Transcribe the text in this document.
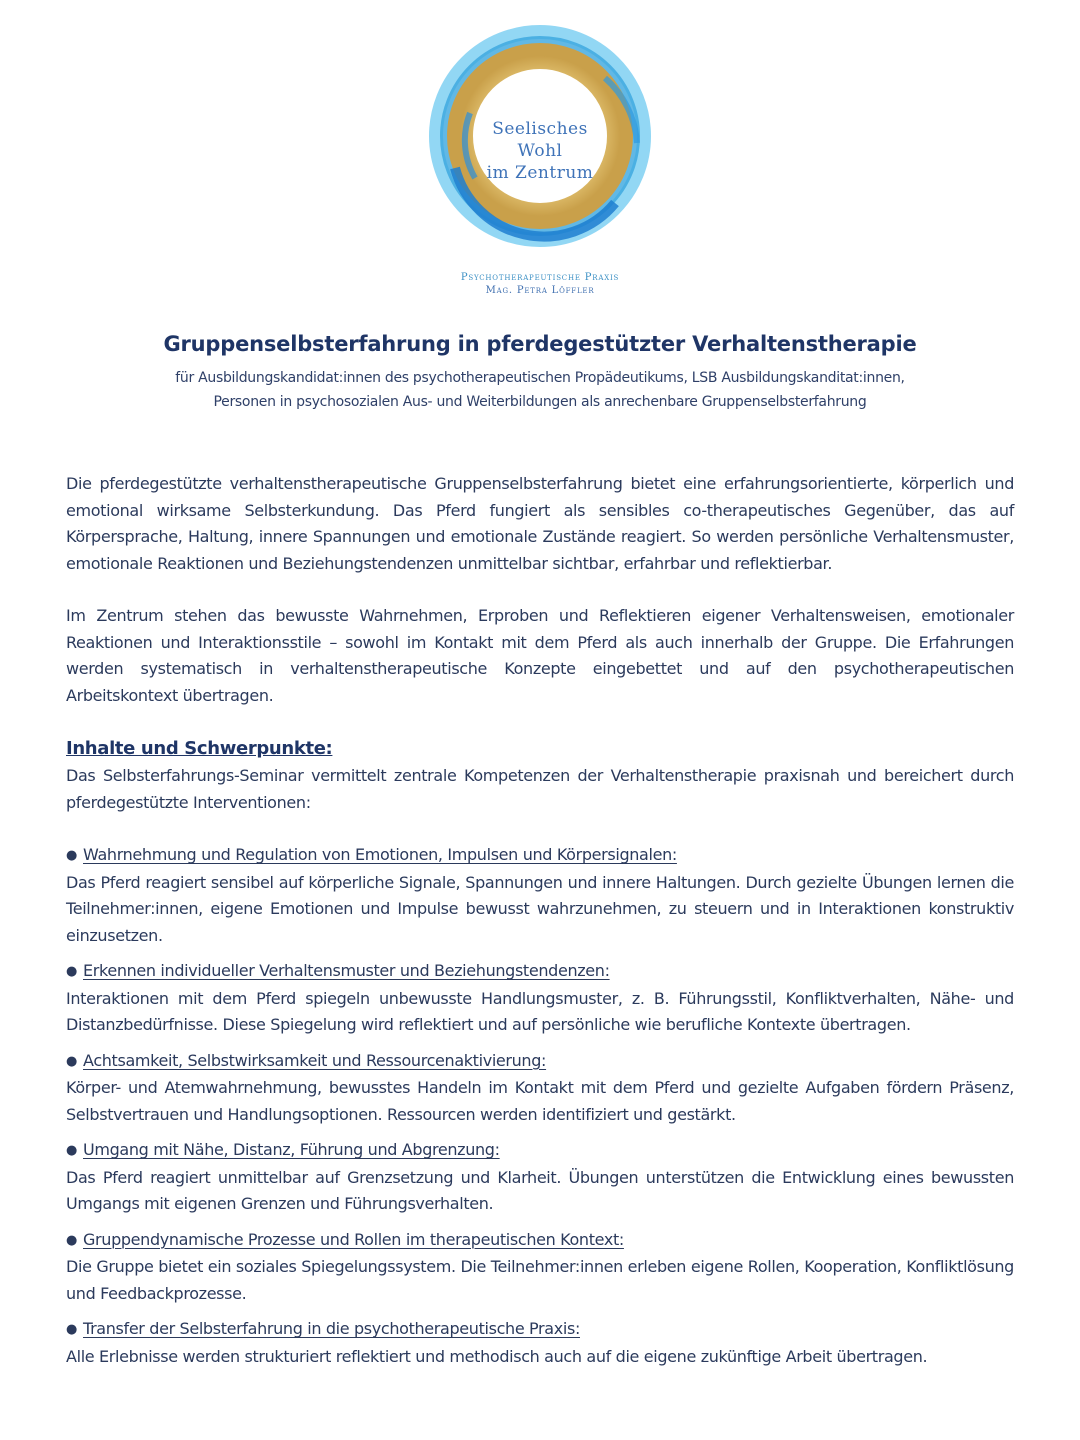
Seelisches
Wohl
im Zentrum
Psychotherapeutische Praxis
Mag. Petra Löffler
Gruppenselbsterfahrung in pferdegestützter Verhaltenstherapie
für Ausbildungskandidat:innen des psychotherapeutischen Propädeutikums, LSB Ausbildungskanditat:innen,
Personen in psychosozialen Aus- und Weiterbildungen als anrechenbare Gruppenselbsterfahrung

Die pferdegestützte verhaltenstherapeutische Gruppenselbsterfahrung bietet eine erfahrungsorientierte, körperlich und emotional wirksame Selbsterkundung. Das Pferd fungiert als sensibles co-therapeutisches Gegenüber, das auf Körpersprache, Haltung, innere Spannungen und emotionale Zustände reagiert. So werden persönliche Verhaltensmuster, emotionale Reaktionen und Beziehungstendenzen unmittelbar sichtbar, erfahrbar und reflektierbar.

Im Zentrum stehen das bewusste Wahrnehmen, Erproben und Reflektieren eigener Verhaltensweisen, emotionaler Reaktionen und Interaktionsstile – sowohl im Kontakt mit dem Pferd als auch innerhalb der Gruppe. Die Erfahrungen werden systematisch in verhaltenstherapeutische Konzepte eingebettet und auf den psychotherapeutischen Arbeitskontext übertragen.

Inhalte und Schwerpunkte:

Das Selbsterfahrungs-Seminar vermittelt zentrale Kompetenzen der Verhaltenstherapie praxisnah und bereichert durch pferdegestützte Interventionen:

● Wahrnehmung und Regulation von Emotionen, Impulsen und Körpersignalen:

Das Pferd reagiert sensibel auf körperliche Signale, Spannungen und innere Haltungen. Durch gezielte Übungen lernen die Teilnehmer:innen, eigene Emotionen und Impulse bewusst wahrzunehmen, zu steuern und in Interaktionen konstruktiv einzusetzen.

● Erkennen individueller Verhaltensmuster und Beziehungstendenzen:

Interaktionen mit dem Pferd spiegeln unbewusste Handlungsmuster, z. B. Führungsstil, Konfliktverhalten, Nähe- und Distanzbedürfnisse. Diese Spiegelung wird reflektiert und auf persönliche wie berufliche Kontexte übertragen.

● Achtsamkeit, Selbstwirksamkeit und Ressourcenaktivierung:

Körper- und Atemwahrnehmung, bewusstes Handeln im Kontakt mit dem Pferd und gezielte Aufgaben fördern Präsenz, Selbstvertrauen und Handlungsoptionen. Ressourcen werden identifiziert und gestärkt.

● Umgang mit Nähe, Distanz, Führung und Abgrenzung:

Das Pferd reagiert unmittelbar auf Grenzsetzung und Klarheit. Übungen unterstützen die Entwicklung eines bewussten Umgangs mit eigenen Grenzen und Führungsverhalten.

● Gruppendynamische Prozesse und Rollen im therapeutischen Kontext:

Die Gruppe bietet ein soziales Spiegelungssystem. Die Teilnehmer:innen erleben eigene Rollen, Kooperation, Konfliktlösung und Feedbackprozesse.

● Transfer der Selbsterfahrung in die psychotherapeutische Praxis:

Alle Erlebnisse werden strukturiert reflektiert und methodisch auch auf die eigene zukünftige Arbeit übertragen.
